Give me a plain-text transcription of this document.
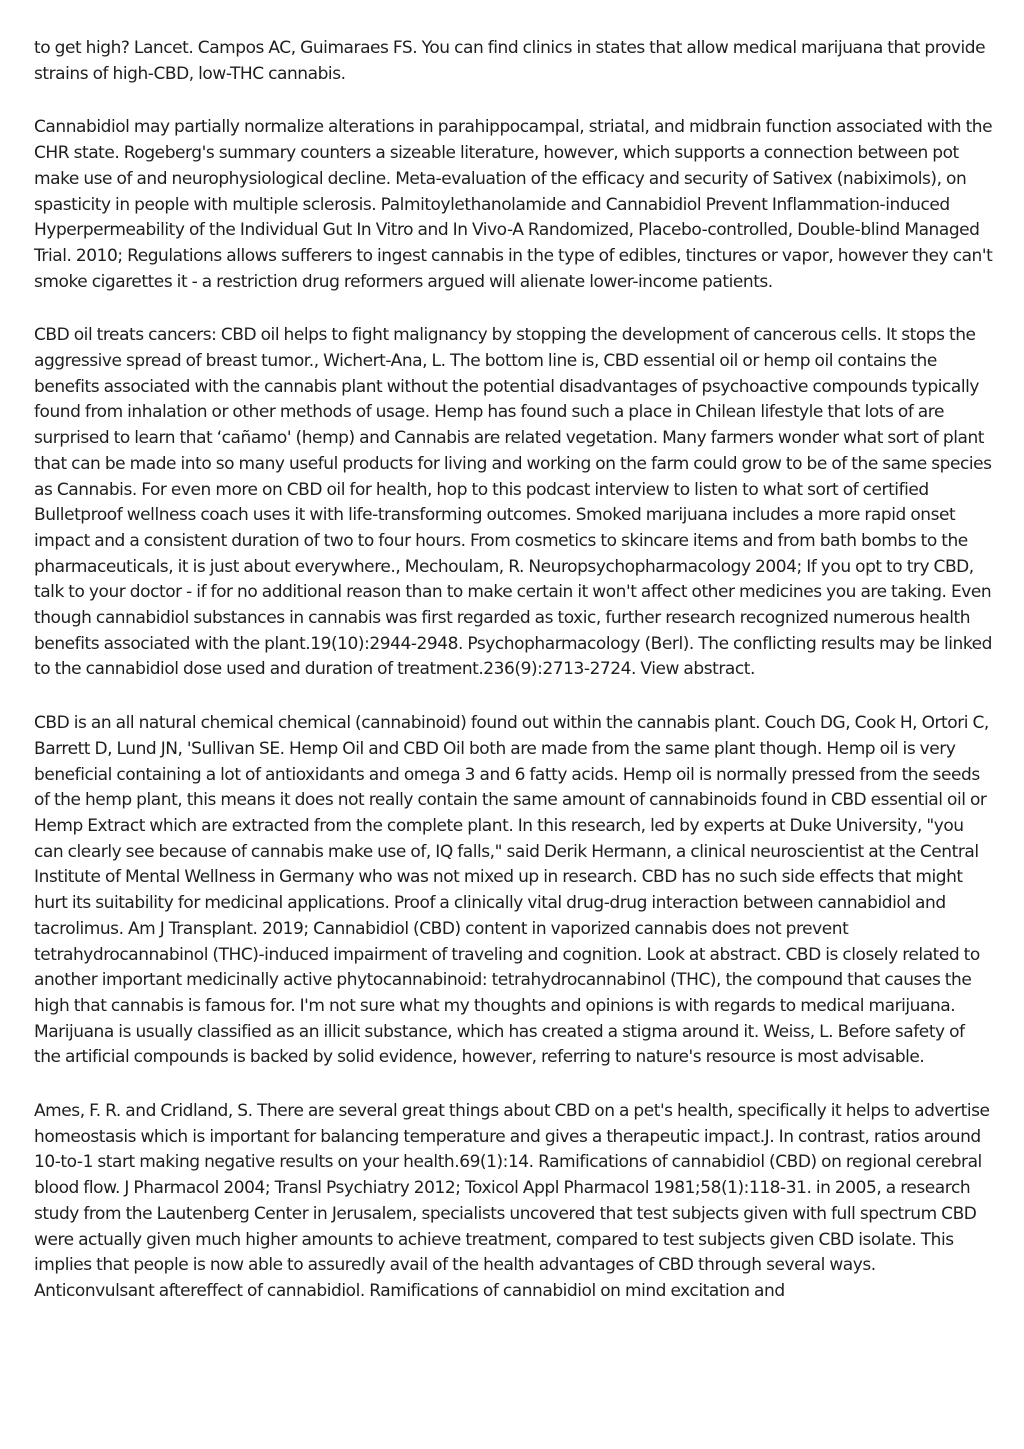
to get high? Lancet. Campos AC, Guimaraes FS. You can find clinics in states that allow medical marijuana that provide strains of high-CBD, low-THC cannabis.

Cannabidiol may partially normalize alterations in parahippocampal, striatal, and midbrain function associated with the CHR state. Rogeberg's summary counters a sizeable literature, however, which supports a connection between pot make use of and neurophysiological decline. Meta-evaluation of the efficacy and security of Sativex (nabiximols), on spasticity in people with multiple sclerosis. Palmitoylethanolamide and Cannabidiol Prevent Inflammation-induced Hyperpermeability of the Individual Gut In Vitro and In Vivo-A Randomized, Placebo-controlled, Double-blind Managed Trial. 2010; Regulations allows sufferers to ingest cannabis in the type of edibles, tinctures or vapor, however they can't smoke cigarettes it - a restriction drug reformers argued will alienate lower-income patients.

CBD oil treats cancers: CBD oil helps to fight malignancy by stopping the development of cancerous cells. It stops the aggressive spread of breast tumor., Wichert-Ana, L. The bottom line is, CBD essential oil or hemp oil contains the benefits associated with the cannabis plant without the potential disadvantages of psychoactive compounds typically found from inhalation or other methods of usage. Hemp has found such a place in Chilean lifestyle that lots of are surprised to learn that ‘cañamo' (hemp) and Cannabis are related vegetation. Many farmers wonder what sort of plant that can be made into so many useful products for living and working on the farm could grow to be of the same species as Cannabis. For even more on CBD oil for health, hop to this podcast interview to listen to what sort of certified Bulletproof wellness coach uses it with life-transforming outcomes. Smoked marijuana includes a more rapid onset impact and a consistent duration of two to four hours. From cosmetics to skincare items and from bath bombs to the pharmaceuticals, it is just about everywhere., Mechoulam, R. Neuropsychopharmacology 2004; If you opt to try CBD, talk to your doctor - if for no additional reason than to make certain it won't affect other medicines you are taking. Even though cannabidiol substances in cannabis was first regarded as toxic, further research recognized numerous health benefits associated with the plant.19(10):2944-2948. Psychopharmacology (Berl). The conflicting results may be linked to the cannabidiol dose used and duration of treatment.236(9):2713-2724. View abstract.

CBD is an all natural chemical chemical (cannabinoid) found out within the cannabis plant. Couch DG, Cook H, Ortori C, Barrett D, Lund JN, 'Sullivan SE. Hemp Oil and CBD Oil both are made from the same plant though. Hemp oil is very beneficial containing a lot of antioxidants and omega 3 and 6 fatty acids. Hemp oil is normally pressed from the seeds of the hemp plant, this means it does not really contain the same amount of cannabinoids found in CBD essential oil or Hemp Extract which are extracted from the complete plant. In this research, led by experts at Duke University, "you can clearly see because of cannabis make use of, IQ falls," said Derik Hermann, a clinical neuroscientist at the Central Institute of Mental Wellness in Germany who was not mixed up in research. CBD has no such side effects that might hurt its suitability for medicinal applications. Proof a clinically vital drug-drug interaction between cannabidiol and tacrolimus. Am J Transplant. 2019; Cannabidiol (CBD) content in vaporized cannabis does not prevent tetrahydrocannabinol (THC)-induced impairment of traveling and cognition. Look at abstract. CBD is closely related to another important medicinally active phytocannabinoid: tetrahydrocannabinol (THC), the compound that causes the high that cannabis is famous for. I'm not sure what my thoughts and opinions is with regards to medical marijuana. Marijuana is usually classified as an illicit substance, which has created a stigma around it. Weiss, L. Before safety of the artificial compounds is backed by solid evidence, however, referring to nature's resource is most advisable.

Ames, F. R. and Cridland, S. There are several great things about CBD on a pet's health, specifically it helps to advertise homeostasis which is important for balancing temperature and gives a therapeutic impact.J. In contrast, ratios around 10-to-1 start making negative results on your health.69(1):14. Ramifications of cannabidiol (CBD) on regional cerebral blood flow. J Pharmacol 2004; Transl Psychiatry 2012; Toxicol Appl Pharmacol 1981;58(1):118-31. in 2005, a research study from the Lautenberg Center in Jerusalem, specialists uncovered that test subjects given with full spectrum CBD were actually given much higher amounts to achieve treatment, compared to test subjects given CBD isolate. This implies that people is now able to assuredly avail of the health advantages of CBD through several ways. Anticonvulsant aftereffect of cannabidiol. Ramifications of cannabidiol on mind excitation and
